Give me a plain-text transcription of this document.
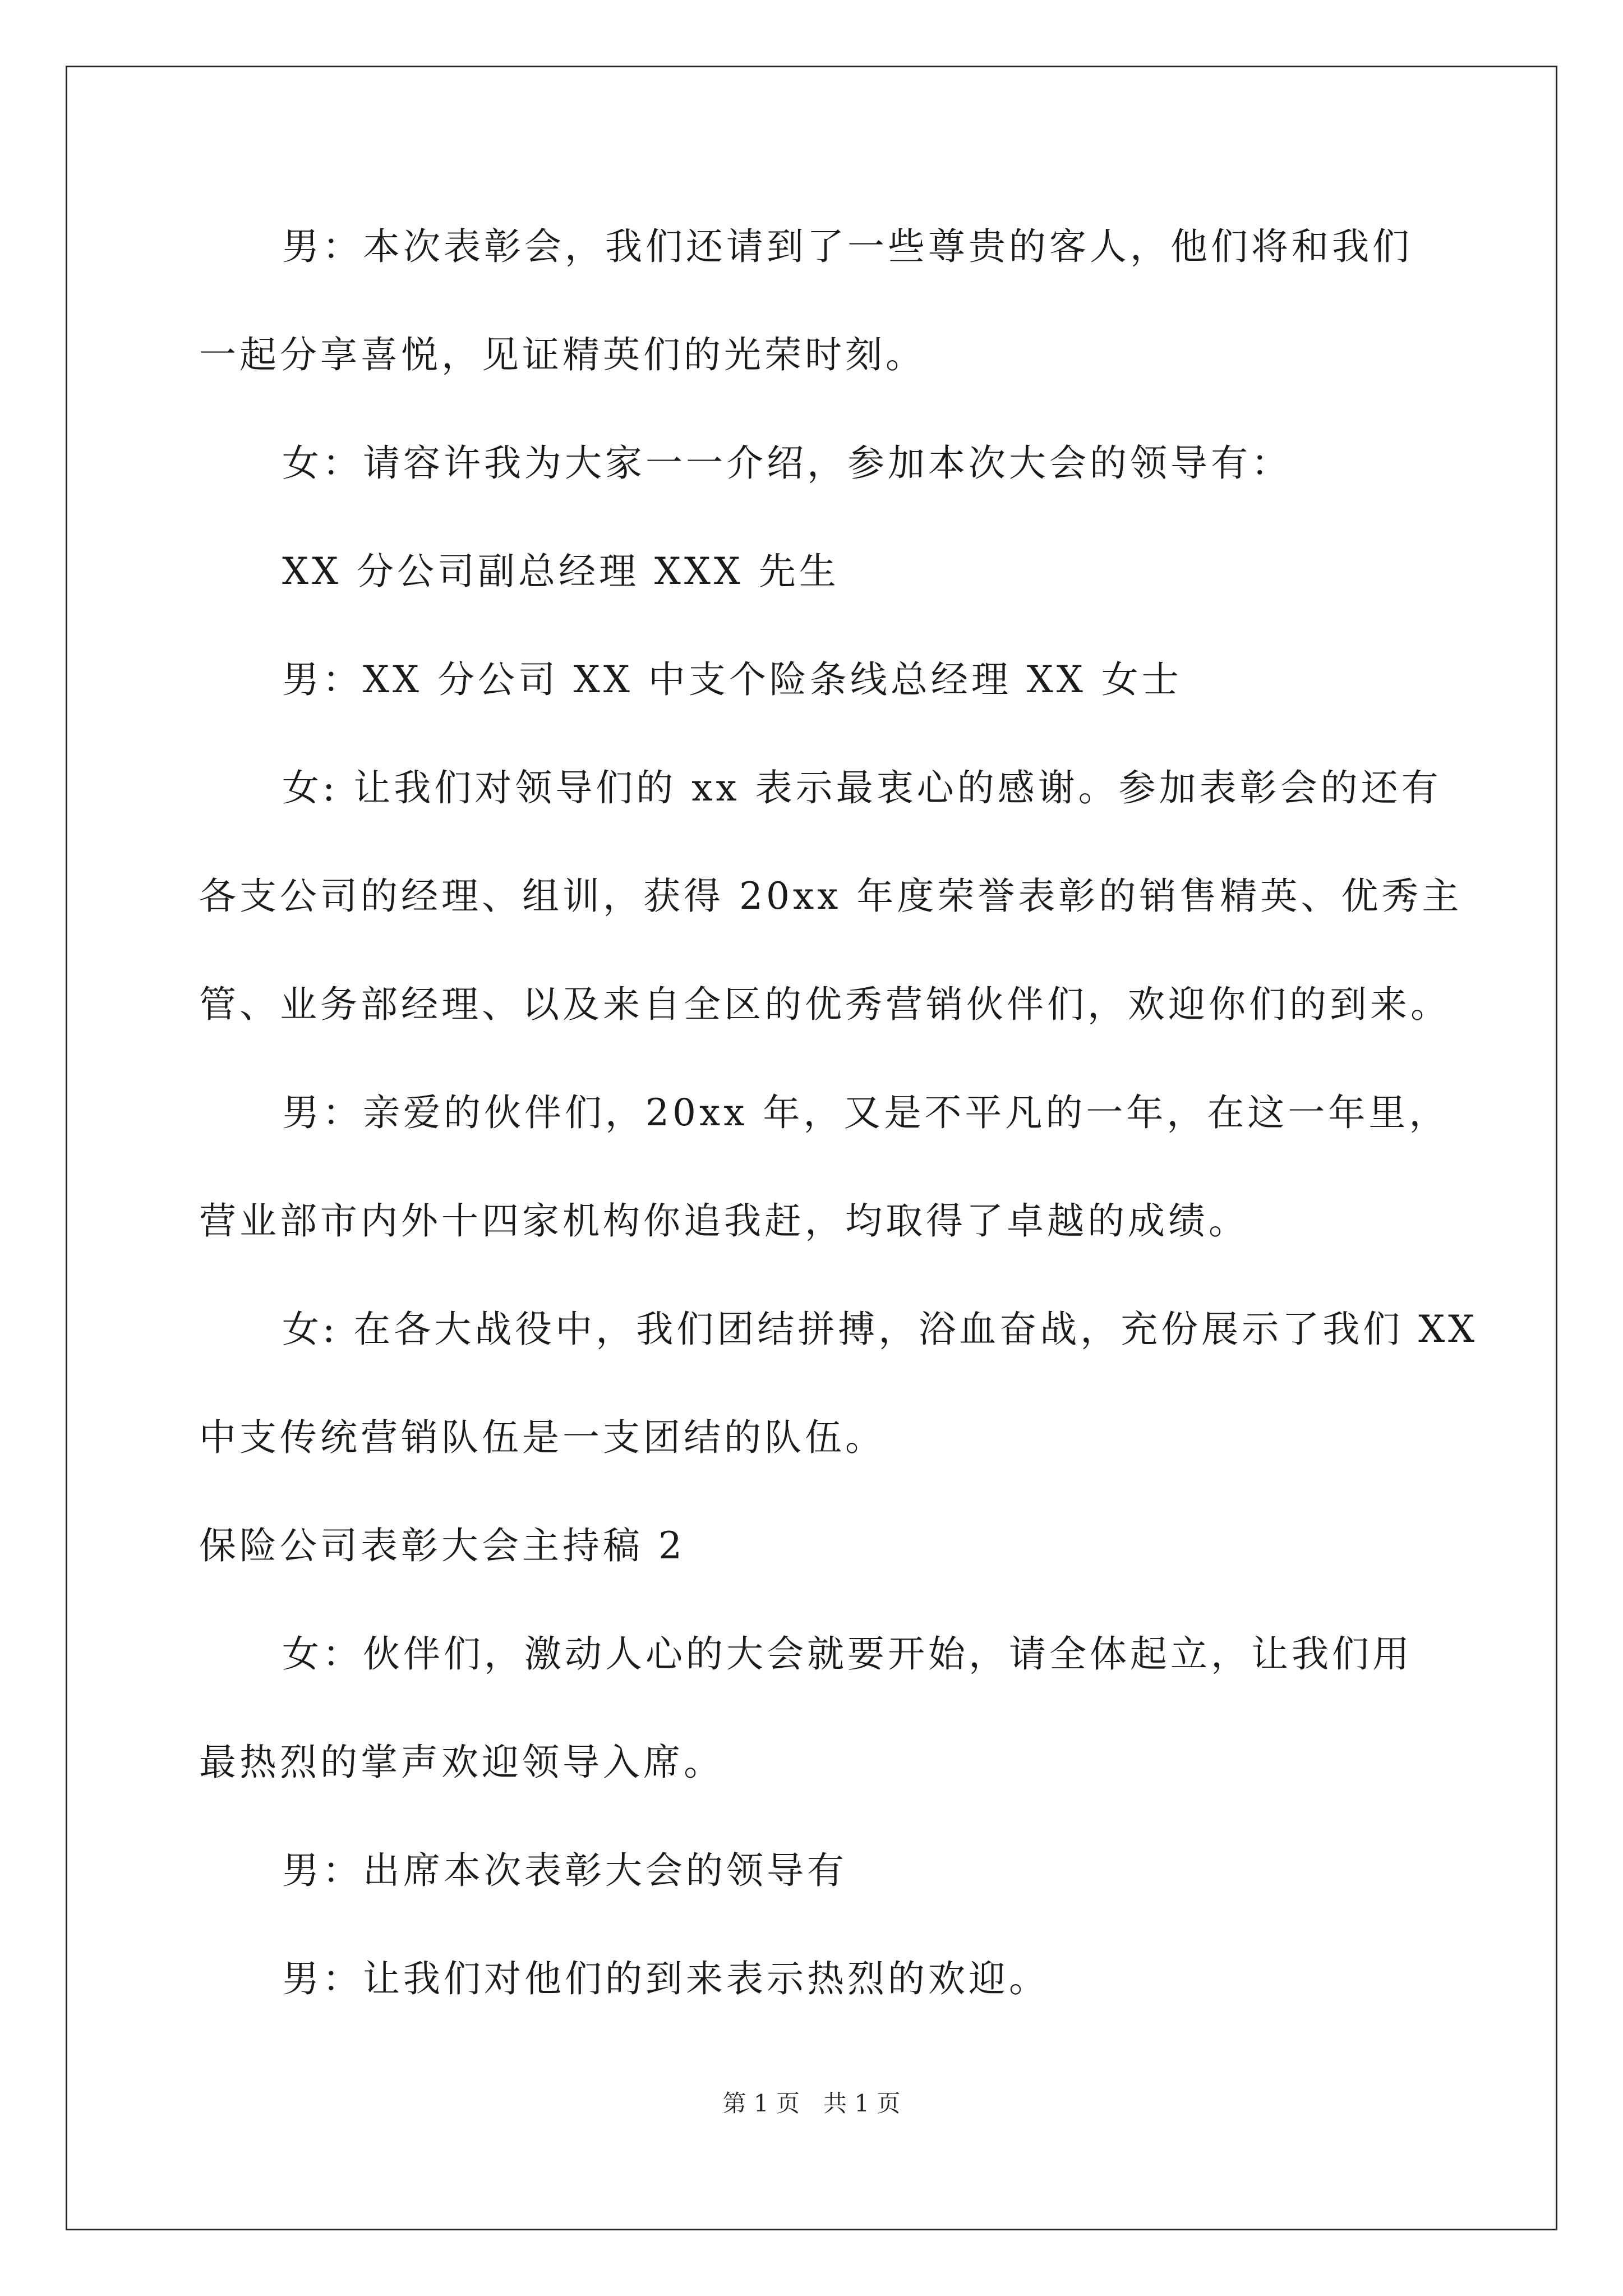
男：本次表彰会，我们还请到了一些尊贵的客人，他们将和我们
一起分享喜悦，见证精英们的光荣时刻。
女：请容许我为大家一一介绍，参加本次大会的领导有：
XX 分公司副总经理 XXX 先生
男：XX 分公司 XX 中支个险条线总经理 XX 女士
女: 让我们对领导们的 xx 表示最衷心的感谢。参加表彰会的还有
各支公司的经理、组训，获得 20xx 年度荣誉表彰的销售精英、优秀主
管、业务部经理、以及来自全区的优秀营销伙伴们，欢迎你们的到来。
男：亲爱的伙伴们，20xx 年，又是不平凡的一年，在这一年里，
营业部市内外十四家机构你追我赶，均取得了卓越的成绩。
女: 在各大战役中，我们团结拼搏，浴血奋战，充份展示了我们 XX
中支传统营销队伍是一支团结的队伍。
保险公司表彰大会主持稿 2
女：伙伴们，激动人心的大会就要开始，请全体起立，让我们用
最热烈的掌声欢迎领导入席。
男：出席本次表彰大会的领导有
男：让我们对他们的到来表示热烈的欢迎。
第 1 页　共 1 页
